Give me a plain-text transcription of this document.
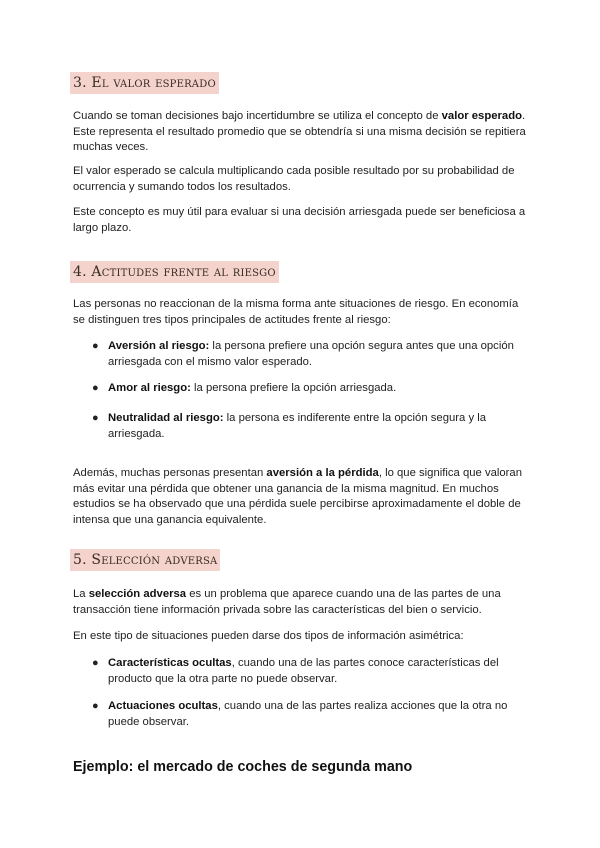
3. El valor esperado

Cuando se toman decisiones bajo incertidumbre se utiliza el concepto de valor esperado. Este representa el resultado promedio que se obtendría si una misma decisión se repitiera muchas veces.

El valor esperado se calcula multiplicando cada posible resultado por su probabilidad de ocurrencia y sumando todos los resultados.

Este concepto es muy útil para evaluar si una decisión arriesgada puede ser beneficiosa a largo plazo.

4. Actitudes frente al riesgo

Las personas no reaccionan de la misma forma ante situaciones de riesgo. En economía se distinguen tres tipos principales de actitudes frente al riesgo:

● Aversión al riesgo: la persona prefiere una opción segura antes que una opción arriesgada con el mismo valor esperado.
● Amor al riesgo: la persona prefiere la opción arriesgada.
● Neutralidad al riesgo: la persona es indiferente entre la opción segura y la arriesgada.

Además, muchas personas presentan aversión a la pérdida, lo que significa que valoran más evitar una pérdida que obtener una ganancia de la misma magnitud. En muchos estudios se ha observado que una pérdida suele percibirse aproximadamente el doble de intensa que una ganancia equivalente.

5. Selección adversa

La selección adversa es un problema que aparece cuando una de las partes de una transacción tiene información privada sobre las características del bien o servicio.

En este tipo de situaciones pueden darse dos tipos de información asimétrica:

● Características ocultas, cuando una de las partes conoce características del producto que la otra parte no puede observar.
● Actuaciones ocultas, cuando una de las partes realiza acciones que la otra no puede observar.
Ejemplo: el mercado de coches de segunda mano
